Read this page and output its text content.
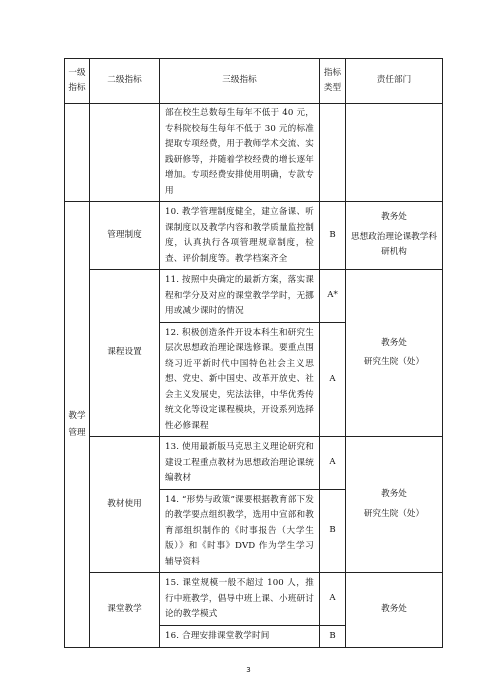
一级指标	二级指标	三级指标	指标类型	责任部门

		部在校生总数每生每年不低于 40 元，专科院校每生每年不低于 30 元的标准提取专项经费，用于教师学术交流、实践研修等，并随着学校经费的增长逐年增加。专项经费安排使用明确，专款专用		

教学管理	管理制度	10. 教学管理制度健全，建立备课、听课制度以及教学内容和教学质量监控制度，认真执行各项管理规章制度，检查、评价制度等。教学档案齐全	B	教务处
思想政治理论课教学科研机构

	课程设置	11. 按照中央确定的最新方案，落实课程和学分及对应的课堂教学学时，无挪用或减少课时的情况	A*	教务处
研究生院（处）

		12. 积极创造条件开设本科生和研究生层次思想政治理论课选修课。要重点围绕习近平新时代中国特色社会主义思想、党史、新中国史、改革开放史、社会主义发展史，宪法法律，中华优秀传统文化等设定课程模块，开设系列选择性必修课程	A	
	教材使用	13. 使用最新版马克思主义理论研究和建设工程重点教材为思想政治理论课统编教材	A	教务处
研究生院（处）

		14. “形势与政策”课要根据教育部下发的教学要点组织教学，选用中宣部和教育部组织制作的《时事报告（大学生版）》和《时事》DVD 作为学生学习辅导资料	B	
	课堂教学	15. 课堂规模一般不超过 100 人，推行中班教学，倡导中班上课、小班研讨论的教学模式	A	教务处

		16. 合理安排课堂教学时间	B	
3
